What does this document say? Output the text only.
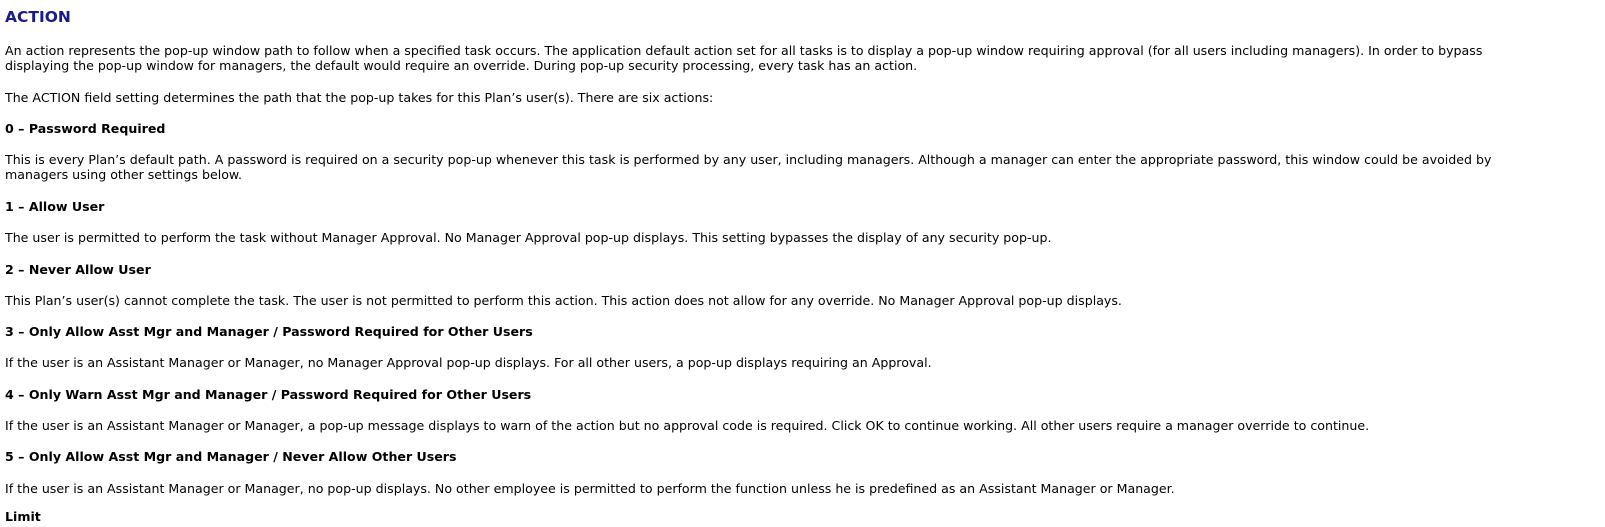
ACTION

An action represents the pop-up window path to follow when a specified task occurs. The application default action set for all tasks is to display a pop-up window requiring approval (for all users including managers). In order to bypass displaying the pop-up window for managers, the default would require an override. During pop-up security processing, every task has an action.

The ACTION field setting determines the path that the pop-up takes for this Plan’s user(s). There are six actions:

0 – Password Required

This is every Plan’s default path. A password is required on a security pop-up whenever this task is performed by any user, including managers. Although a manager can enter the appropriate password, this window could be avoided by managers using other settings below.

1 – Allow User

The user is permitted to perform the task without Manager Approval. No Manager Approval pop-up displays. This setting bypasses the display of any security pop-up.

2 – Never Allow User

This Plan’s user(s) cannot complete the task. The user is not permitted to perform this action. This action does not allow for any override. No Manager Approval pop-up displays.

3 – Only Allow Asst Mgr and Manager / Password Required for Other Users

If the user is an Assistant Manager or Manager, no Manager Approval pop-up displays. For all other users, a pop-up displays requiring an Approval.

4 – Only Warn Asst Mgr and Manager / Password Required for Other Users

If the user is an Assistant Manager or Manager, a pop-up message displays to warn of the action but no approval code is required. Click OK to continue working. All other users require a manager override to continue.

5 – Only Allow Asst Mgr and Manager / Never Allow Other Users

If the user is an Assistant Manager or Manager, no pop-up displays. No other employee is permitted to perform the function unless he is predefined as an Assistant Manager or Manager.

Limit
